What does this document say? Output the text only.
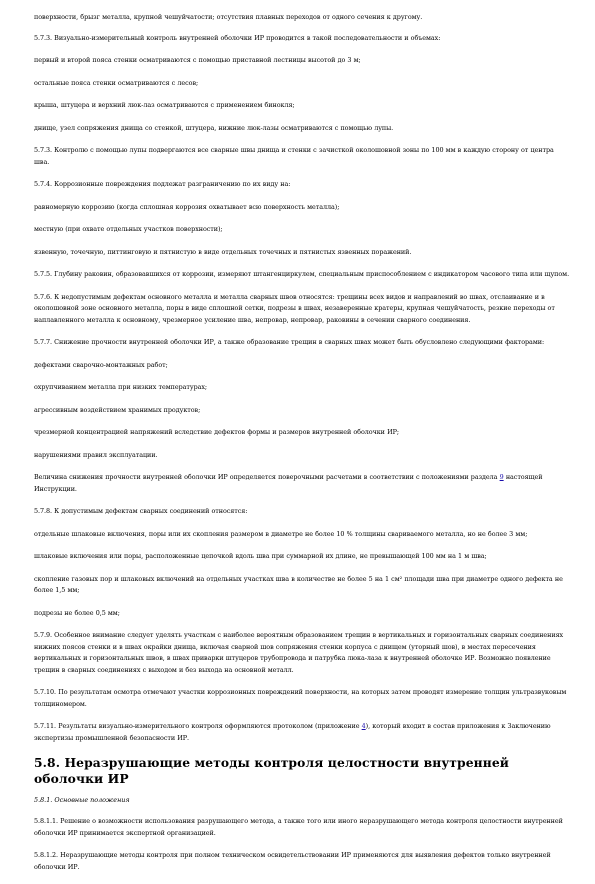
поверхности, брызг металла, крупной чешуйчатости; отсутствия плавных переходов от одного сечения к другому.

5.7.3. Визуально-измерительный контроль внутренней оболочки ИР проводится в такой последовательности и объемах:

первый и второй пояса стенки осматриваются с помощью приставной лестницы высотой до 3 м;

остальные пояса стенки осматриваются с лесов;

крыша, штуцера и верхний люк-лаз осматриваются с применением бинокля;

днище, узел сопряжения днища со стенкой, штуцера, нижние люк-лазы осматриваются с помощью лупы.

5.7.3. Контролю с помощью лупы подвергаются все сварные швы днища и стенки с зачисткой околошовной зоны по 100 мм в каждую сторону от центра шва.

5.7.4. Коррозионные повреждения подлежат разграничению по их виду на:

равномерную коррозию (когда сплошная коррозия охватывает всю поверхность металла);

местную (при охвате отдельных участков поверхности);

язвенную, точечную, питтинговую и пятнистую в виде отдельных точечных и пятнистых язвенных поражений.

5.7.5. Глубину раковин, образовавшихся от коррозии, измеряют штангенциркулем, специальным приспособлением с индикатором часового типа или щупом.

5.7.6. К недопустимым дефектам основного металла и металла сварных швов относятся: трещины всех видов и направлений во швах, отслаивание и в околошовной зоне основного металла, поры в виде сплошной сетки, подрезы в швах, незаверенные кратеры, крупная чешуйчатость, резкие переходы от наплавленного металла к основному, чрезмерное усиление шва, непровар, непровар, раковины в сечении сварного соединения.

5.7.7. Снижение прочности внутренней оболочки ИР, а также образование трещин в сварных швах может быть обусловлено следующими факторами:

дефектами сварочно-монтажных работ;

охрупчиванием металла при низких температурах;

агрессивным воздействием хранимых продуктов;

чрезмерной концентрацией напряжений вследствие дефектов формы и размеров внутренней оболочки ИР;

нарушениями правил эксплуатации.

Величина снижения прочности внутренней оболочки ИР определяется поверочными расчетами в соответствии с положениями раздела 9 настоящей Инструкции.

5.7.8. К допустимым дефектам сварных соединений относятся:

отдельные шлаковые включения, поры или их скопления размером в диаметре не более 10 % толщины свариваемого металла, но не более 3 мм;

шлаковые включения или поры, расположенные цепочкой вдоль шва при суммарной их длине, не превышающей 100 мм на 1 м шва;

скопление газовых пор и шлаковых включений на отдельных участках шва в количестве не более 5 на 1 см² площади шва при диаметре одного дефекта не более 1,5 мм;

подрезы не более 0,5 мм;

5.7.9. Особенное внимание следует уделять участкам с наиболее вероятным образованием трещин в вертикальных и горизонтальных сварных соединениях нижних поясов стенки и в швах окрайки днища, включая сварной шов сопряжения стенки корпуса с днищем (уторный шов), в местах пересечения вертикальных и горизонтальных швов, в швах приварки штуцеров трубопровода и патрубка люка-лаза к внутренней оболочке ИР. Возможно появление трещин в сварных соединениях с выходом и без выхода на основной металл.

5.7.10. По результатам осмотра отмечают участки коррозионных повреждений поверхности, на которых затем проводят измерение толщин ультразвуковым толщиномером.

5.7.11. Результаты визуально-измерительного контроля оформляются протоколом (приложение 4), который входит в состав приложения к Заключению экспертизы промышленной безопасности ИР.

5.8. Неразрушающие методы контроля целостности внутренней оболочки ИР
5.8.1. Основные положения

5.8.1.1. Решение о возможности использования разрушающего метода, а также того или иного неразрушающего метода контроля целостности внутренней оболочки ИР принимается экспертной организацией.

5.8.1.2. Неразрушающие методы контроля при полном техническом освидетельствовании ИР применяются для выявления дефектов только внутренней оболочки ИР.
